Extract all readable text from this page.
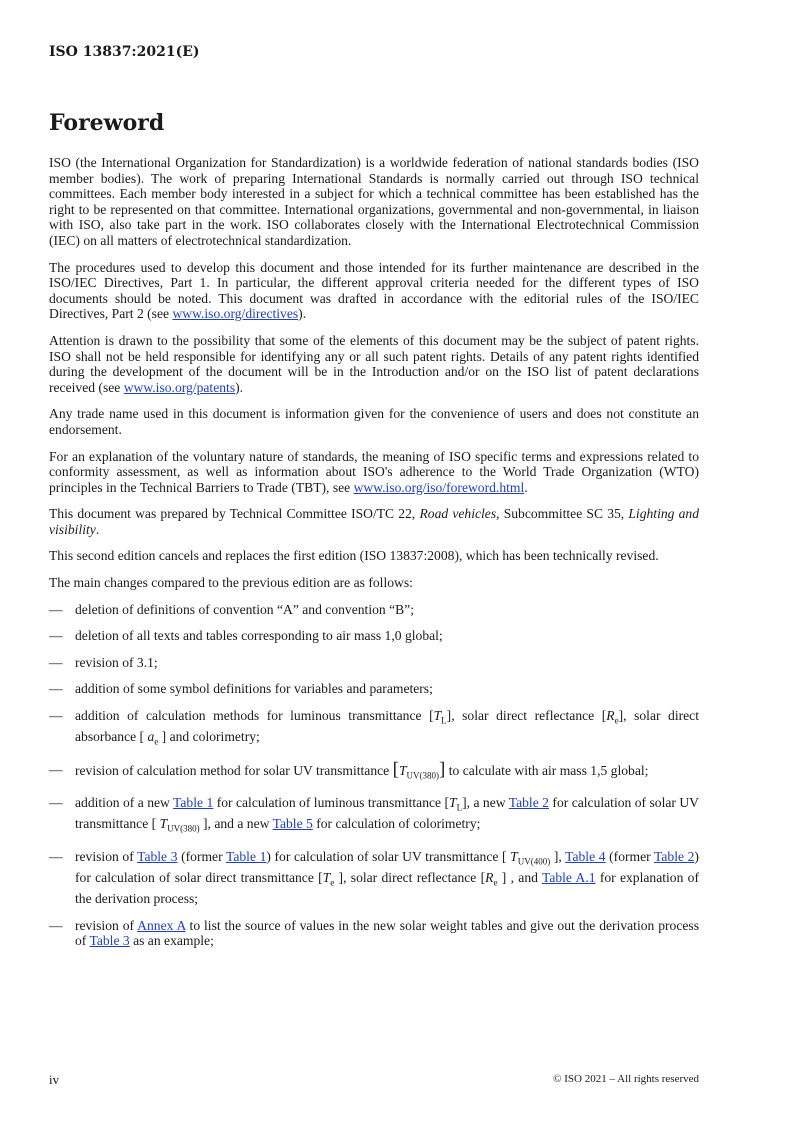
ISO 13837:2021(E)
Foreword

ISO (the International Organization for Standardization) is a worldwide federation of national standards bodies (ISO member bodies). The work of preparing International Standards is normally carried out through ISO technical committees. Each member body interested in a subject for which a technical committee has been established has the right to be represented on that committee. International organizations, governmental and non-governmental, in liaison with ISO, also take part in the work. ISO collaborates closely with the International Electrotechnical Commission (IEC) on all matters of electrotechnical standardization.

The procedures used to develop this document and those intended for its further maintenance are described in the ISO/IEC Directives, Part 1. In particular, the different approval criteria needed for the different types of ISO documents should be noted. This document was drafted in accordance with the editorial rules of the ISO/IEC Directives, Part 2 (see www.iso.org/directives).

Attention is drawn to the possibility that some of the elements of this document may be the subject of patent rights. ISO shall not be held responsible for identifying any or all such patent rights. Details of any patent rights identified during the development of the document will be in the Introduction and/or on the ISO list of patent declarations received (see www.iso.org/patents).

Any trade name used in this document is information given for the convenience of users and does not constitute an endorsement.

For an explanation of the voluntary nature of standards, the meaning of ISO specific terms and expressions related to conformity assessment, as well as information about ISO's adherence to the World Trade Organization (WTO) principles in the Technical Barriers to Trade (TBT), see www.iso.org/iso/foreword.html.

This document was prepared by Technical Committee ISO/TC 22, Road vehicles, Subcommittee SC 35, Lighting and visibility.

This second edition cancels and replaces the first edition (ISO 13837:2008), which has been technically revised.

The main changes compared to the previous edition are as follows:

— deletion of definitions of convention “A” and convention “B”;
— deletion of all texts and tables corresponding to air mass 1,0 global;
— revision of 3.1;
— addition of some symbol definitions for variables and parameters;
— addition of calculation methods for luminous transmittance $[T_L]$, solar direct reflectance $[R_e]$, solar direct absorbance [ $a_e$ ] and colorimetry;
— revision of calculation method for solar UV transmittance $[T_{UV(380)}]$ to calculate with air mass 1,5 global;
— addition of a new Table 1 for calculation of luminous transmittance $[T_L]$, a new Table 2 for calculation of solar UV transmittance [ $T_{UV(380)}$ ], and a new Table 5 for calculation of colorimetry;
— revision of Table 3 (former Table 1) for calculation of solar UV transmittance [ $T_{UV(400)}$ ], Table 4 (former Table 2) for calculation of solar direct transmittance [$T_e$ ], solar direct reflectance [$R_e$ ] , and Table A.1 for explanation of the derivation process;
— revision of Annex A to list the source of values in the new solar weight tables and give out the derivation process of Table 3 as an example;
iv	© ISO 2021 – All rights reserved
